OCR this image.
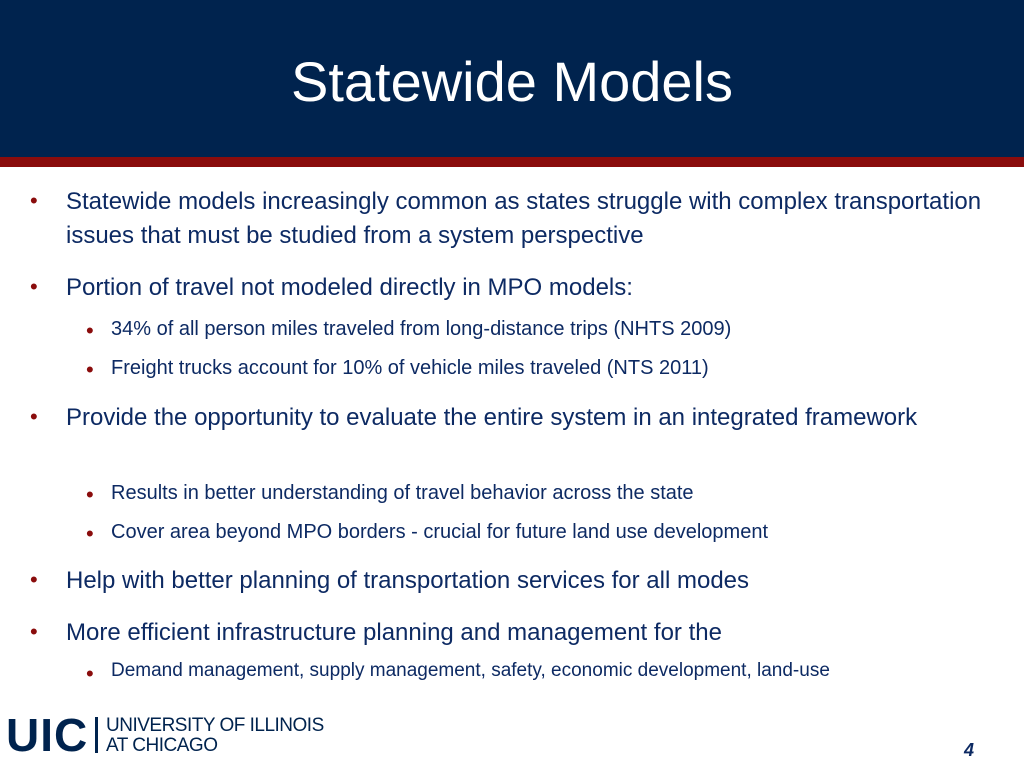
Statewide Models
• Statewide models increasingly common as states struggle with complex transportation issues that must be studied from a system perspective

• Portion of travel not modeled directly in MPO models:

• 34% of all person miles traveled from long-distance trips (NHTS 2009)

• Freight trucks account for 10% of vehicle miles traveled (NTS 2011)

• Provide the opportunity to evaluate the entire system in an integrated framework

• Results in better understanding of travel behavior across the state

• Cover area beyond MPO borders - crucial for future land use development

• Help with better planning of transportation services for all modes

• More efficient infrastructure planning and management for the

• Demand management, supply management, safety, economic development, land-use

UIC UNIVERSITY OF ILLINOIS
AT CHICAGO	4
